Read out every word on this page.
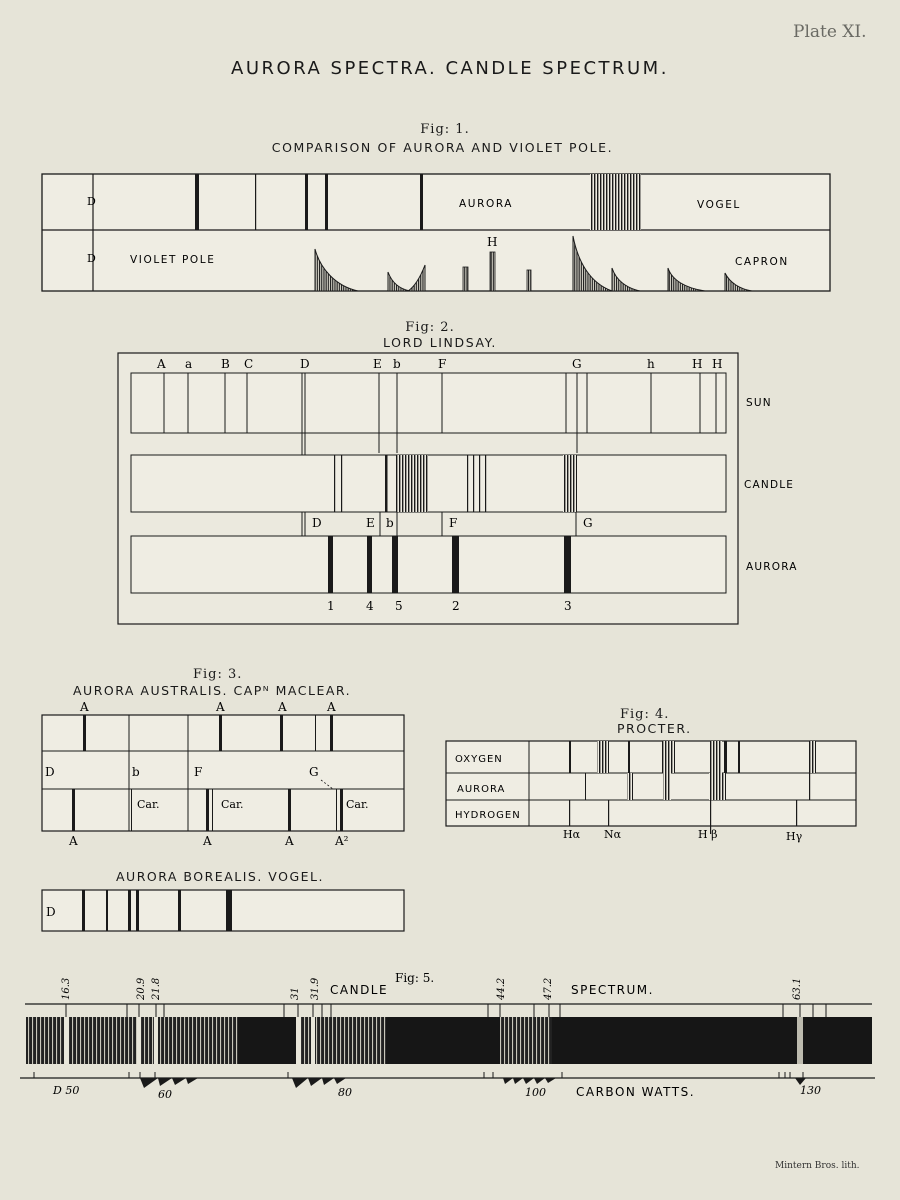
Plate XI.
AURORA SPECTRA. CANDLE SPECTRUM.
Fig: 1.
COMPARISON OF AURORA AND VIOLET POLE.
D
D
AURORA	VOGEL
VIOLET POLE
H
CAPRON
Fig: 2.
LORD LINDSAY.
A a B C	D	E b	F	G	h	H H
D	E b	F	G
1	4 5	2	3
SUN
CANDLE
AURORA
Fig: 3.
AURORA AUSTRALIS. CAPᴺ MACLEAR.
A	A	A	A
D	b	F	G
Car.	Car.	Car.
A	A	A	A²
AURORA BOREALIS. VOGEL.
D
Fig: 4.
PROCTER.
OXYGEN
AURORA
HYDROGEN
Hα Nα	H β	Hγ
Fig: 5.
CANDLE	SPECTRUM.
CARBON WATTS.
16.3	20.9 21.8	31 31.9	44.2	47.2	63.1
D 50	60	80	100	130
Mintern Bros. lith.
